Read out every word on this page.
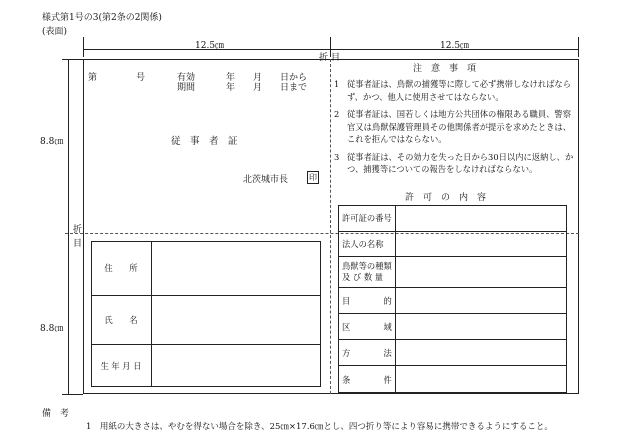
様式第1号の3(第2条の2関係)
(表面)
12.5㎝	12.5㎝
折 目
8.8㎝
8.8㎝
折
目
第	号	有効	年　　月　　日から
期間	年　　月　　日まで
従　事　者　証
北茨城市長	印
注　意　事　項
1 従事者証は、鳥獣の捕獲等に際して必ず携帯しなければならず、かつ、他人に使用させてはならない。
2 従事者証は、国若しくは地方公共団体の権限ある職員、警察官又は鳥獣保護管理員その他関係者が提示を求めたときは、これを拒んではならない。
3 従事者証は、その効力を失った日から30日以内に返納し、かつ、捕獲等についての報告をしなければならない。
許　可　の　内　容
許可証の番号
法人の名称
鳥獣等の種類及 び 数 量
目　　　　的
区　　　　域
方　　　　法
条　　　　件
住　　所
氏　　名
生 年 月 日
備　考
1　用紙の大きさは、やむを得ない場合を除き、25㎝×17.6㎝とし、四つ折り等により容易に携帯できるようにすること。
